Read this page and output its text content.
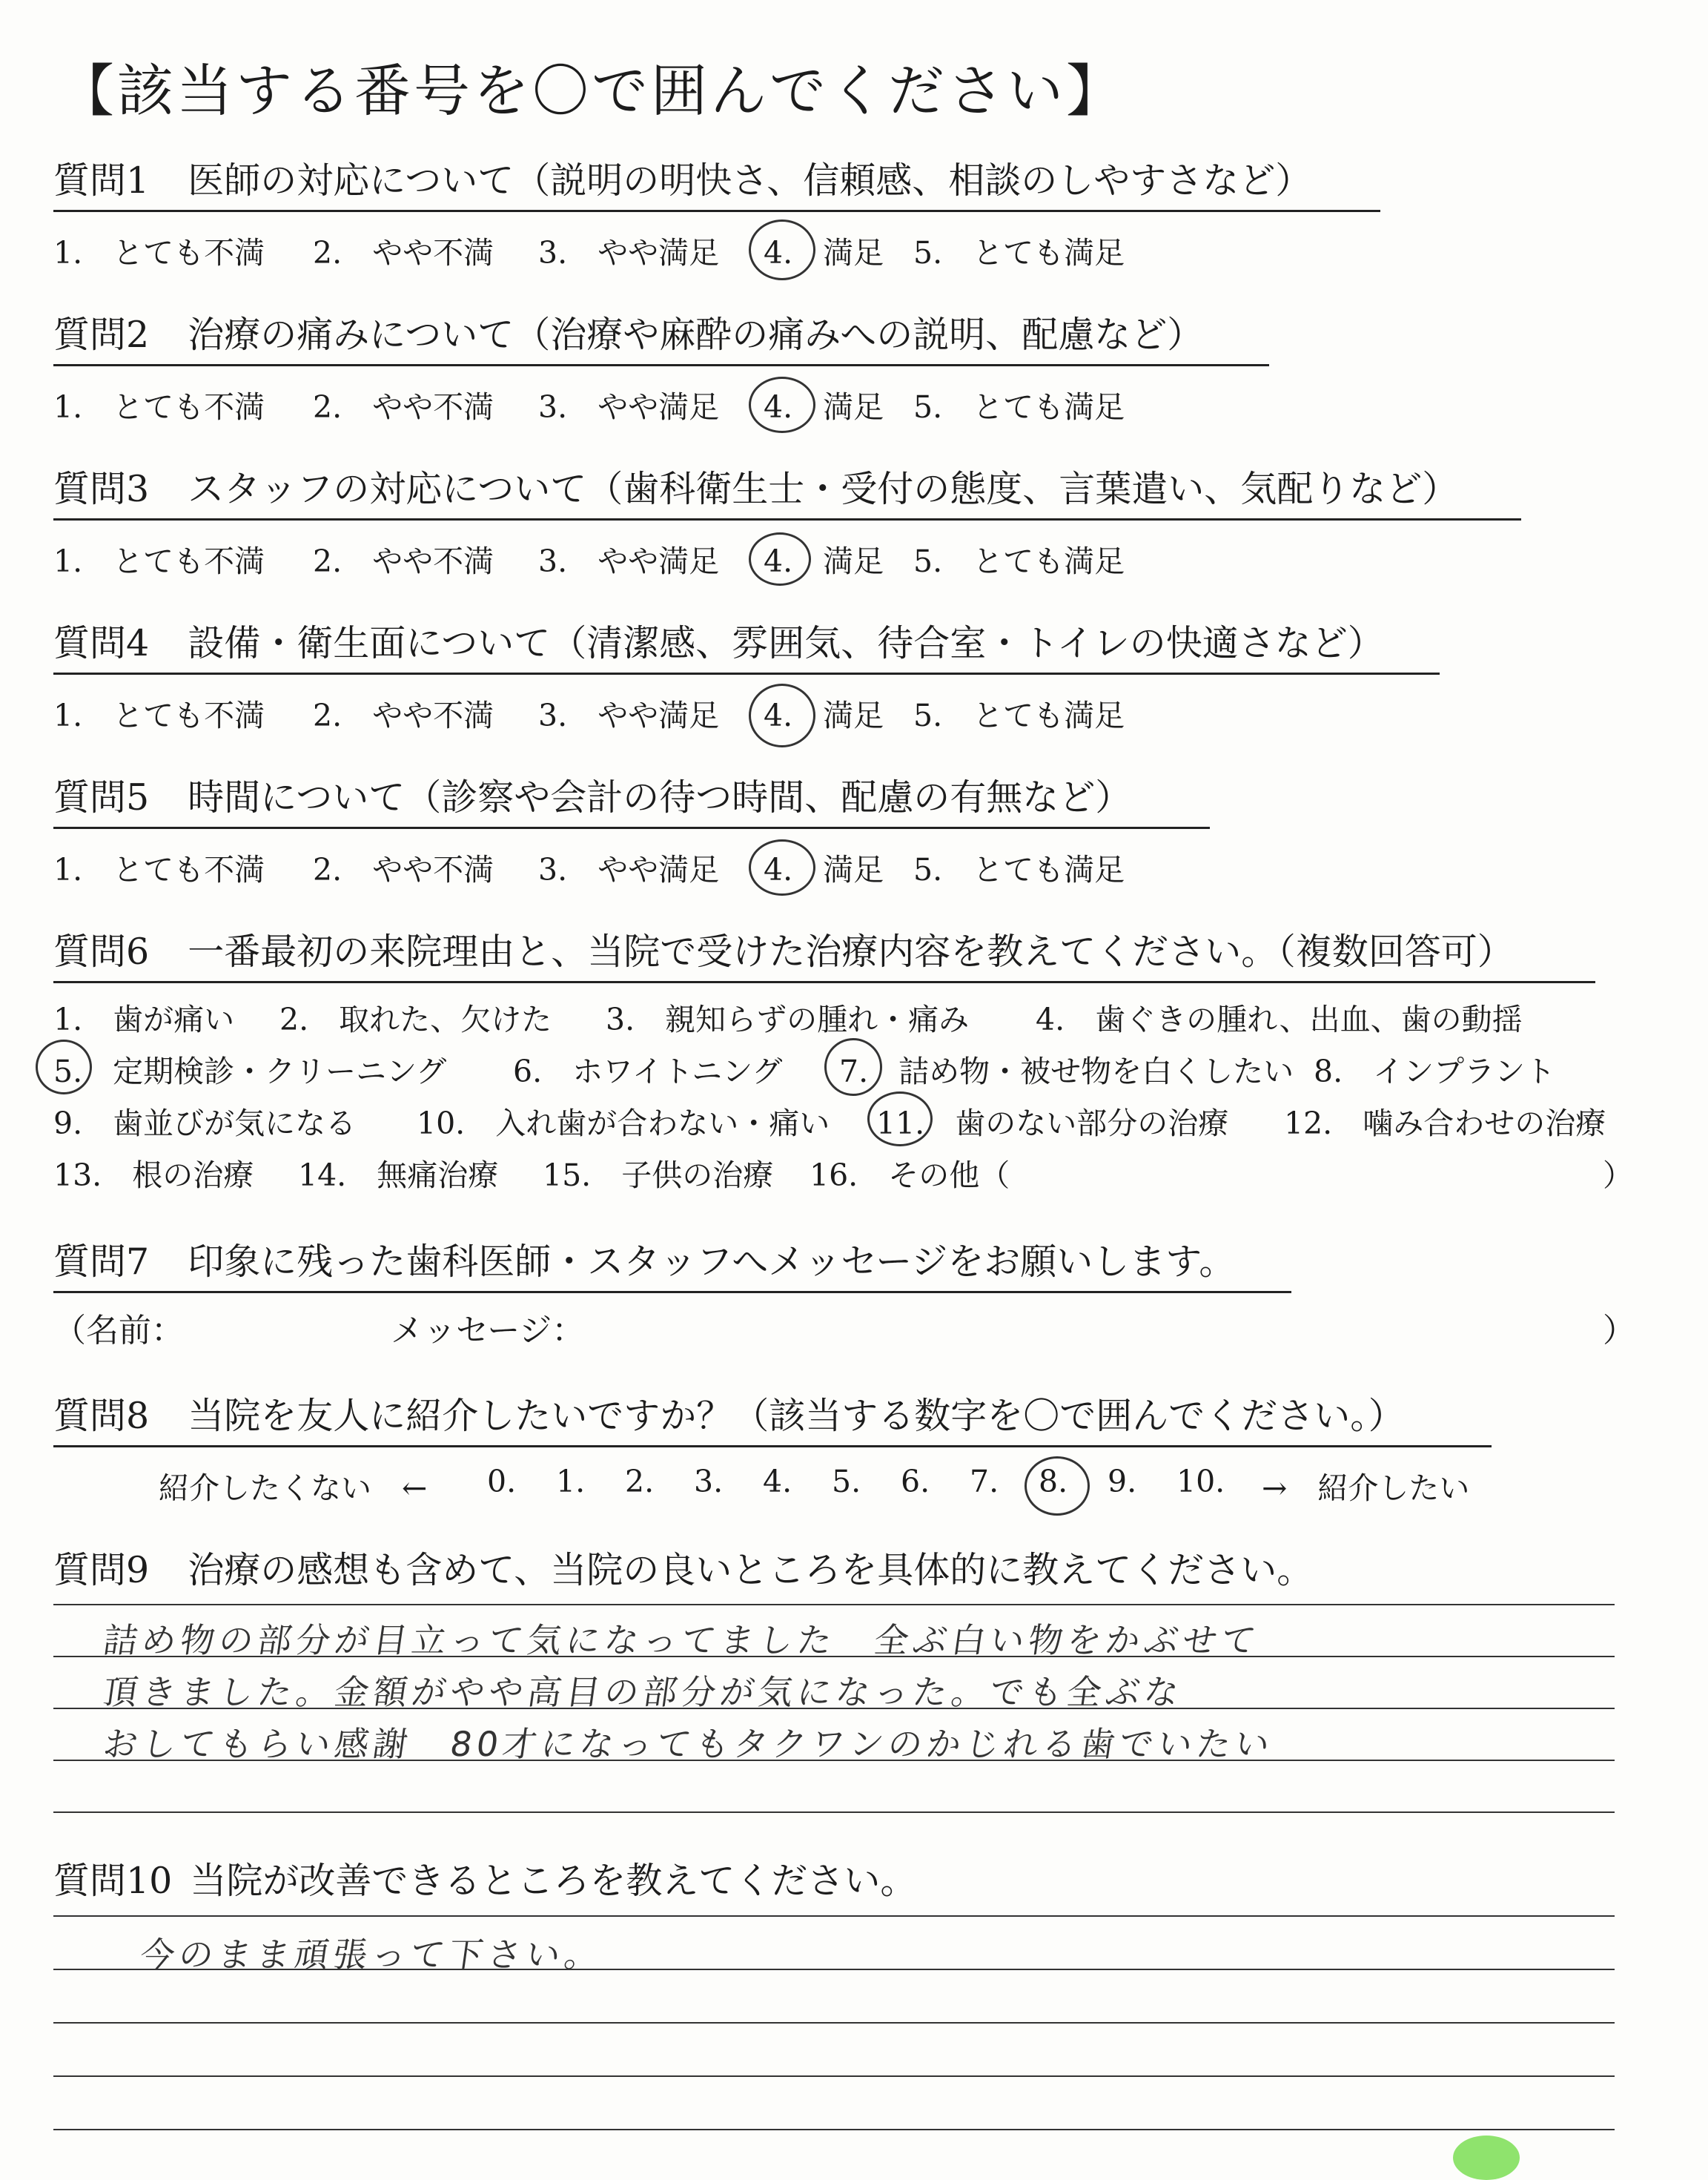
【該当する番号を〇で囲んでください】
質問1 医師の対応について（説明の明快さ、信頼感、相談のしやすさなど）
1.　とても不満 2.　やや不満 3.　やや満足 4.　満足 5.　とても満足
質問2 治療の痛みについて（治療や麻酔の痛みへの説明、配慮など）
1.　とても不満 2.　やや不満 3.　やや満足 4.　満足 5.　とても満足
質問3 スタッフの対応について（歯科衛生士・受付の態度、言葉遣い、気配りなど）
1.　とても不満 2.　やや不満 3.　やや満足 4.　満足 5.　とても満足
質問4 設備・衛生面について（清潔感、雰囲気、待合室・トイレの快適さなど）
1.　とても不満 2.　やや不満 3.　やや満足 4.　満足 5.　とても満足
質問5 時間について（診察や会計の待つ時間、配慮の有無など）
1.　とても不満 2.　やや不満 3.　やや満足 4.　満足 5.　とても満足
質問6 一番最初の来院理由と、当院で受けた治療内容を教えてください。（複数回答可）
1.　歯が痛い 2.　取れた、欠けた 3.　親知らずの腫れ・痛み 4.　歯ぐきの腫れ、出血、歯の動揺
5.　定期検診・クリーニング 6.　ホワイトニング 7.　詰め物・被せ物を白くしたい 8.　インプラント
9.　歯並びが気になる 10.　入れ歯が合わない・痛い 11.　歯のない部分の治療 12.　噛み合わせの治療
13.　根の治療 14.　無痛治療 15.　子供の治療 16.　その他（	）
質問7 印象に残った歯科医師・スタッフへメッセージをお願いします。
（名前：	メッセージ：	）
質問8 当院を友人に紹介したいですか？（該当する数字を〇で囲んでください。）
紹介したくない　← 0. 1. 2. 3. 4. 5. 6. 7. 8. 9. 10. →　紹介したい
質問9 治療の感想も含めて、当院の良いところを具体的に教えてください。
詰め物の部分が目立って気になってました　全ぶ白い物をかぶせて
頂きました。金額がやや高目の部分が気になった。でも全ぶな
おしてもらい感謝　80才になってもタクワンのかじれる歯でいたい
質問10 当院が改善できるところを教えてください。
今のまま頑張って下さい。
